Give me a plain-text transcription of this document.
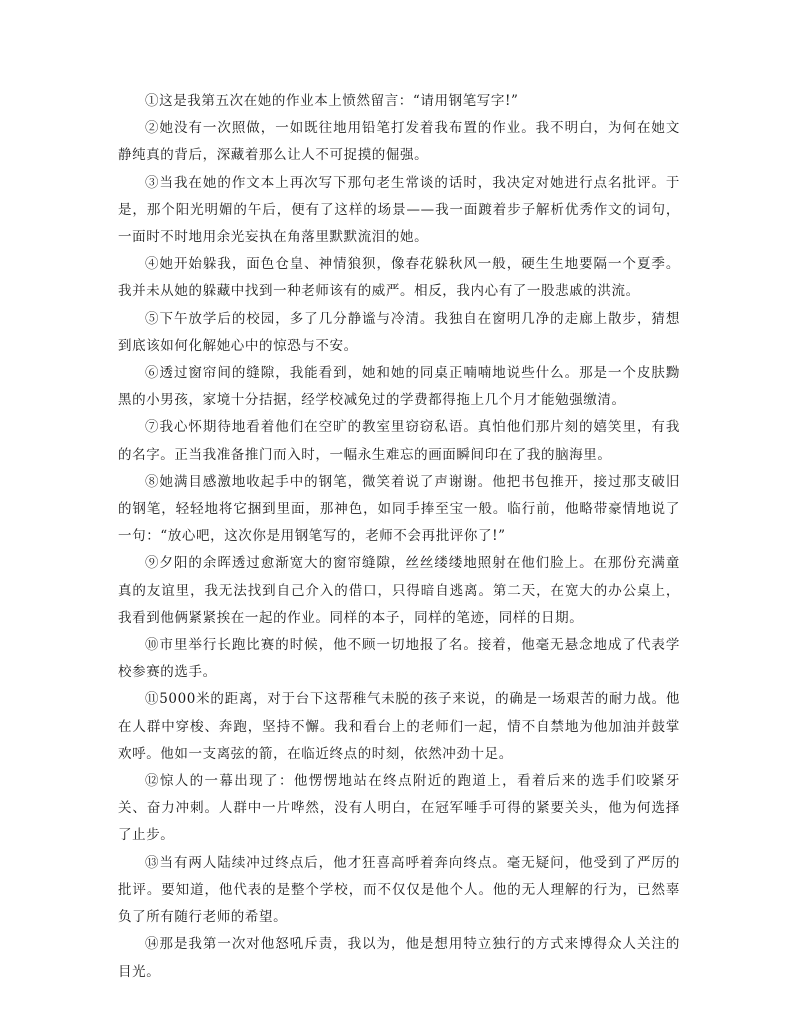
①这是我第五次在她的作业本上愤然留言：“请用钢笔写字!”

②她没有一次照做，一如既往地用铅笔打发着我布置的作业。我不明白，为何在她文静纯真的背后，深藏着那么让人不可捉摸的倔强。

③当我在她的作文本上再次写下那句老生常谈的话时，我决定对她进行点名批评。于是，那个阳光明媚的午后，便有了这样的场景——我一面踱着步子解析优秀作文的词句，一面时不时地用余光妄执在角落里默默流泪的她。

④她开始躲我，面色仓皇、神情狼狈，像春花躲秋风一般，硬生生地要隔一个夏季。我并未从她的躲藏中找到一种老师该有的威严。相反，我内心有了一股悲戚的洪流。

⑤下午放学后的校园，多了几分静谧与冷清。我独自在窗明几净的走廊上散步，猜想到底该如何化解她心中的惊恐与不安。

⑥透过窗帘间的缝隙，我能看到，她和她的同桌正喃喃地说些什么。那是一个皮肤黝黑的小男孩，家境十分拮据，经学校减免过的学费都得拖上几个月才能勉强缴清。

⑦我心怀期待地看着他们在空旷的教室里窃窃私语。真怕他们那片刻的嬉笑里，有我的名字。正当我准备推门而入时，一幅永生难忘的画面瞬间印在了我的脑海里。

⑧她满目感激地收起手中的钢笔，微笑着说了声谢谢。他把书包推开，接过那支破旧的钢笔，轻轻地将它捆到里面，那神色，如同手捧至宝一般。临行前，他略带豪情地说了一句：“放心吧，这次你是用钢笔写的，老师不会再批评你了!”

⑨夕阳的余晖透过愈渐宽大的窗帘缝隙，丝丝缕缕地照射在他们脸上。在那份充满童真的友谊里，我无法找到自己介入的借口，只得暗自逃离。第二天，在宽大的办公桌上，我看到他俩紧紧挨在一起的作业。同样的本子，同样的笔迹，同样的日期。

⑩市里举行长跑比赛的时候，他不顾一切地报了名。接着，他毫无悬念地成了代表学校参赛的选手。

⑪5000米的距离，对于台下这帮稚气未脱的孩子来说，的确是一场艰苦的耐力战。他在人群中穿梭、奔跑，坚持不懈。我和看台上的老师们一起，情不自禁地为他加油并鼓掌欢呼。他如一支离弦的箭，在临近终点的时刻，依然冲劲十足。

⑫惊人的一幕出现了：他愣愣地站在终点附近的跑道上，看着后来的选手们咬紧牙关、奋力冲刺。人群中一片哗然，没有人明白，在冠军唾手可得的紧要关头，他为何选择了止步。

⑬当有两人陆续冲过终点后，他才狂喜高呼着奔向终点。毫无疑问，他受到了严厉的批评。要知道，他代表的是整个学校，而不仅仅是他个人。他的无人理解的行为，已然辜负了所有随行老师的希望。

⑭那是我第一次对他怒吼斥责，我以为，他是想用特立独行的方式来博得众人关注的目光。
